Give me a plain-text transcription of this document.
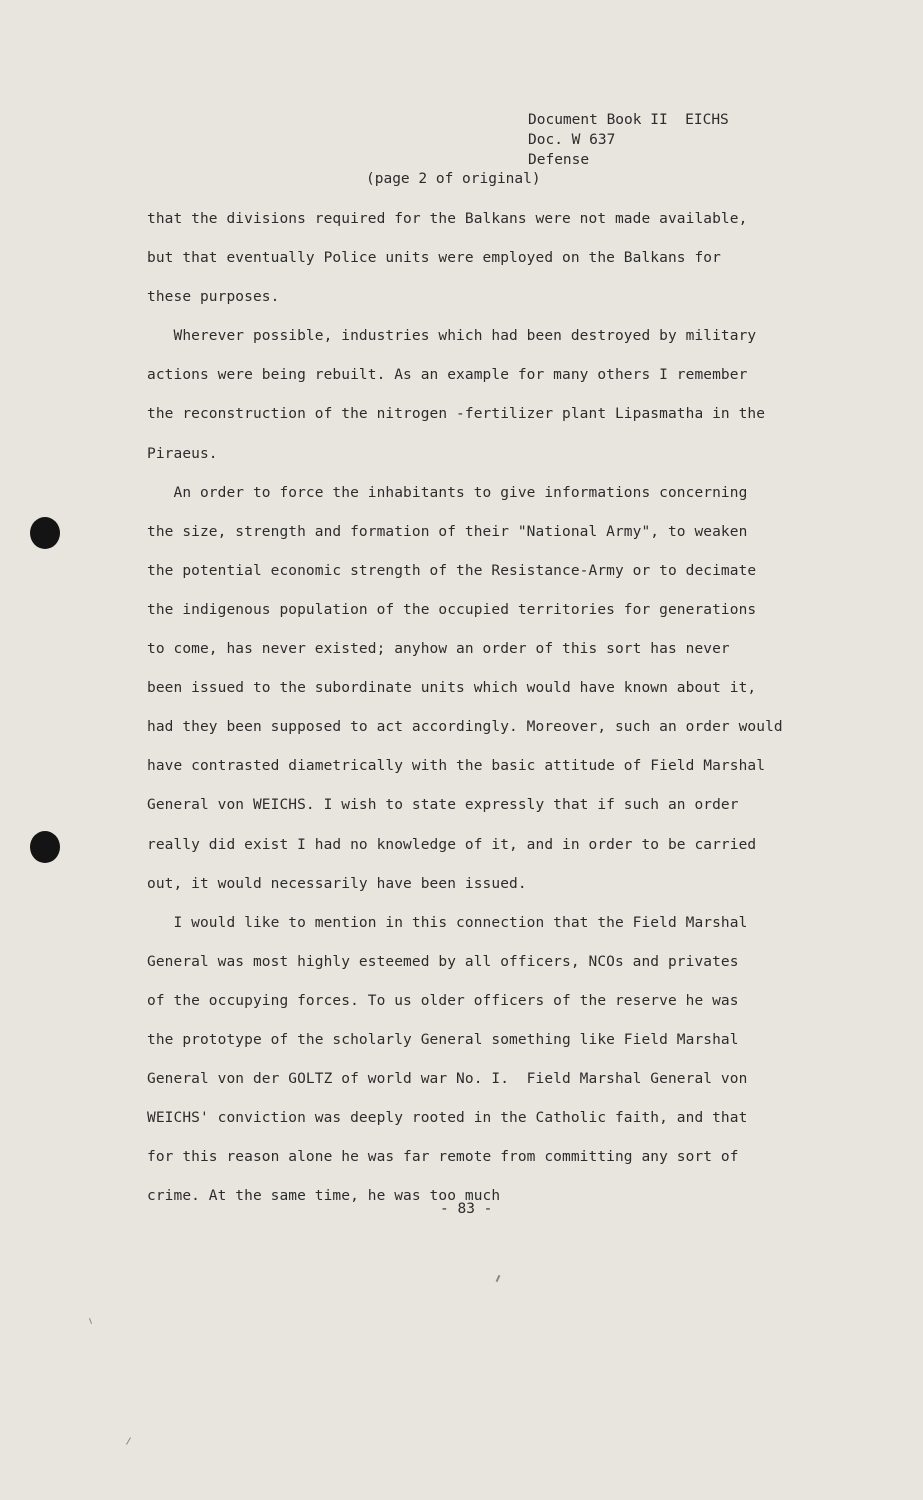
Document Book II  EICHS
Doc. W 637
Defense
(page 2 of original)
that the divisions required for the Balkans were not made available,
but that eventually Police units were employed on the Balkans for
these purposes.
Wherever possible, industries which had been destroyed by military
actions were being rebuilt. As an example for many others I remember
the reconstruction of the nitrogen -fertilizer plant Lipasmatha in the
Piraeus.
An order to force the inhabitants to give informations concerning
the size, strength and formation of their "National Army", to weaken
the potential economic strength of the Resistance-Army or to decimate
the indigenous population of the occupied territories for generations
to come, has never existed; anyhow an order of this sort has never
been issued to the subordinate units which would have known about it,
had they been supposed to act accordingly. Moreover, such an order would
have contrasted diametrically with the basic attitude of Field Marshal
General von WEICHS. I wish to state expressly that if such an order
really did exist I had no knowledge of it, and in order to be carried
out, it would necessarily have been issued.
I would like to mention in this connection that the Field Marshal
General was most highly esteemed by all officers, NCOs and privates
of the occupying forces. To us older officers of the reserve he was
the prototype of the scholarly General something like Field Marshal
General von der GOLTZ of world war No. I.  Field Marshal General von
WEICHS' conviction was deeply rooted in the Catholic faith, and that
for this reason alone he was far remote from committing any sort of
crime. At the same time, he was too much
- 83 -
